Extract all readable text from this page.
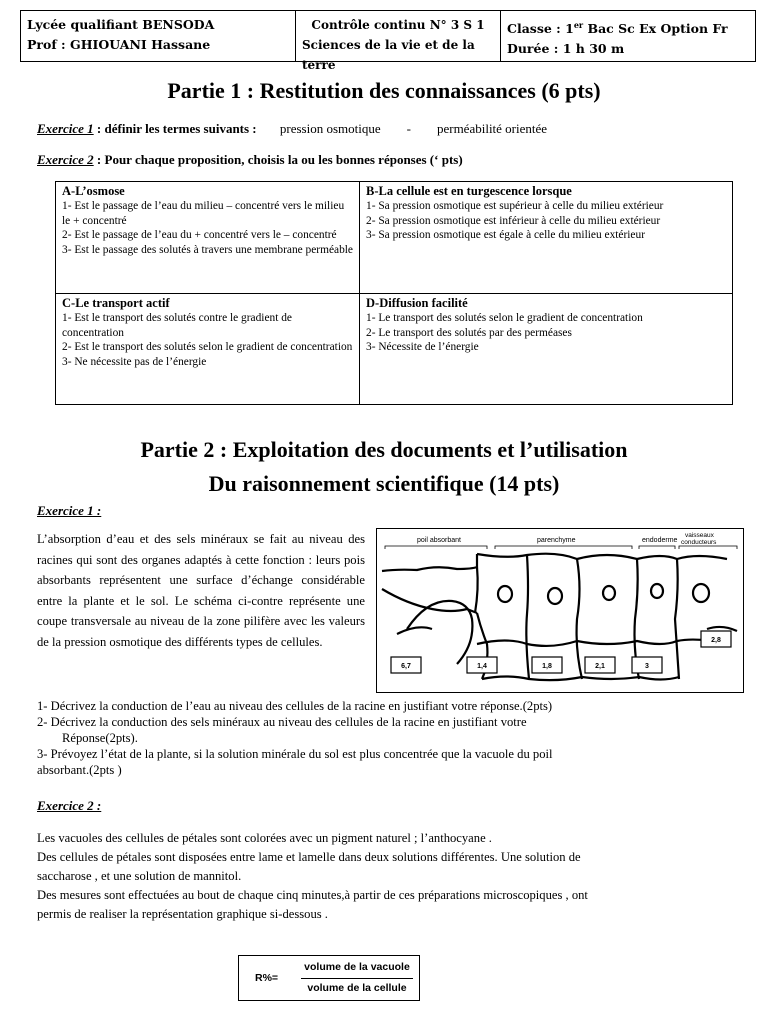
Lycée qualifiant BENSODA
Prof : GHIOUANI Hassane
Contrôle continu N° 3 S 1
Sciences de la vie et de la terre
Classe : 1er Bac Sc Ex Option Fr
Durée : 1 h 30 m
Partie 1 : Restitution des connaissances (6 pts)
Exercice 1 : définir les termes suivants : pression osmotique        -        perméabilité orientée
Exercice 2 : Pour chaque proposition, choisis la ou les bonnes réponses (‘ pts)
A-L’osmose
1- Est le passage de l’eau du milieu – concentré vers le milieu le + concentré
2- Est le passage de l’eau du + concentré vers le – concentré
3- Est le passage des solutés à travers une membrane perméable
B-La cellule est en turgescence lorsque
1- Sa pression osmotique est supérieur à celle du milieu extérieur
2- Sa pression osmotique est inférieur à celle du milieu extérieur
3- Sa pression osmotique est égale à celle du milieu extérieur
C-Le transport actif
1- Est le transport des solutés contre le gradient de concentration
2- Est le transport des solutés selon le gradient de concentration
3- Ne nécessite pas de l’énergie
D-Diffusion facilité
1- Le transport des solutés selon le gradient de concentration
2- Le transport des solutés par des perméases
3- Nécessite de l’énergie
Partie 2 : Exploitation des documents et l’utilisation
Du raisonnement scientifique (14 pts)
Exercice 1 :
L’absorption d’eau et des sels minéraux se fait au niveau des racines qui sont des organes adaptés à cette fonction : leurs pois absorbants représentent une surface d’échange considérable entre la plante et le sol. Le schéma ci-contre représente une coupe transversale au niveau de la zone pilifère avec les valeurs de la pression osmotique des différents types de cellules.
poil absorbant	parenchyme	endoderme
vaisseaux
conducteurs
6,7	1,4	1,8	2,1	3
2,8
1- Décrivez la conduction de l’eau au niveau des cellules de la racine en justifiant votre réponse.(2pts)
2- Décrivez la conduction des sels minéraux au niveau des cellules de la racine en justifiant votre
Réponse(2pts).
3- Prévoyez l’état de la plante, si la solution minérale du sol est plus concentrée que la vacuole du poil
absorbant.(2pts )
Exercice 2 :
Les vacuoles des cellules de pétales sont colorées avec un pigment naturel ; l’anthocyane .
Des cellules de pétales sont disposées entre lame et lamelle dans deux solutions différentes. Une solution de
saccharose , et une solution de mannitol.
Des mesures sont effectuées au bout de chaque cinq minutes,à partir de ces préparations microscopiques , ont
permis de realiser la représentation graphique si-dessous .
R%=
volume de la vacuole
volume de la cellule
